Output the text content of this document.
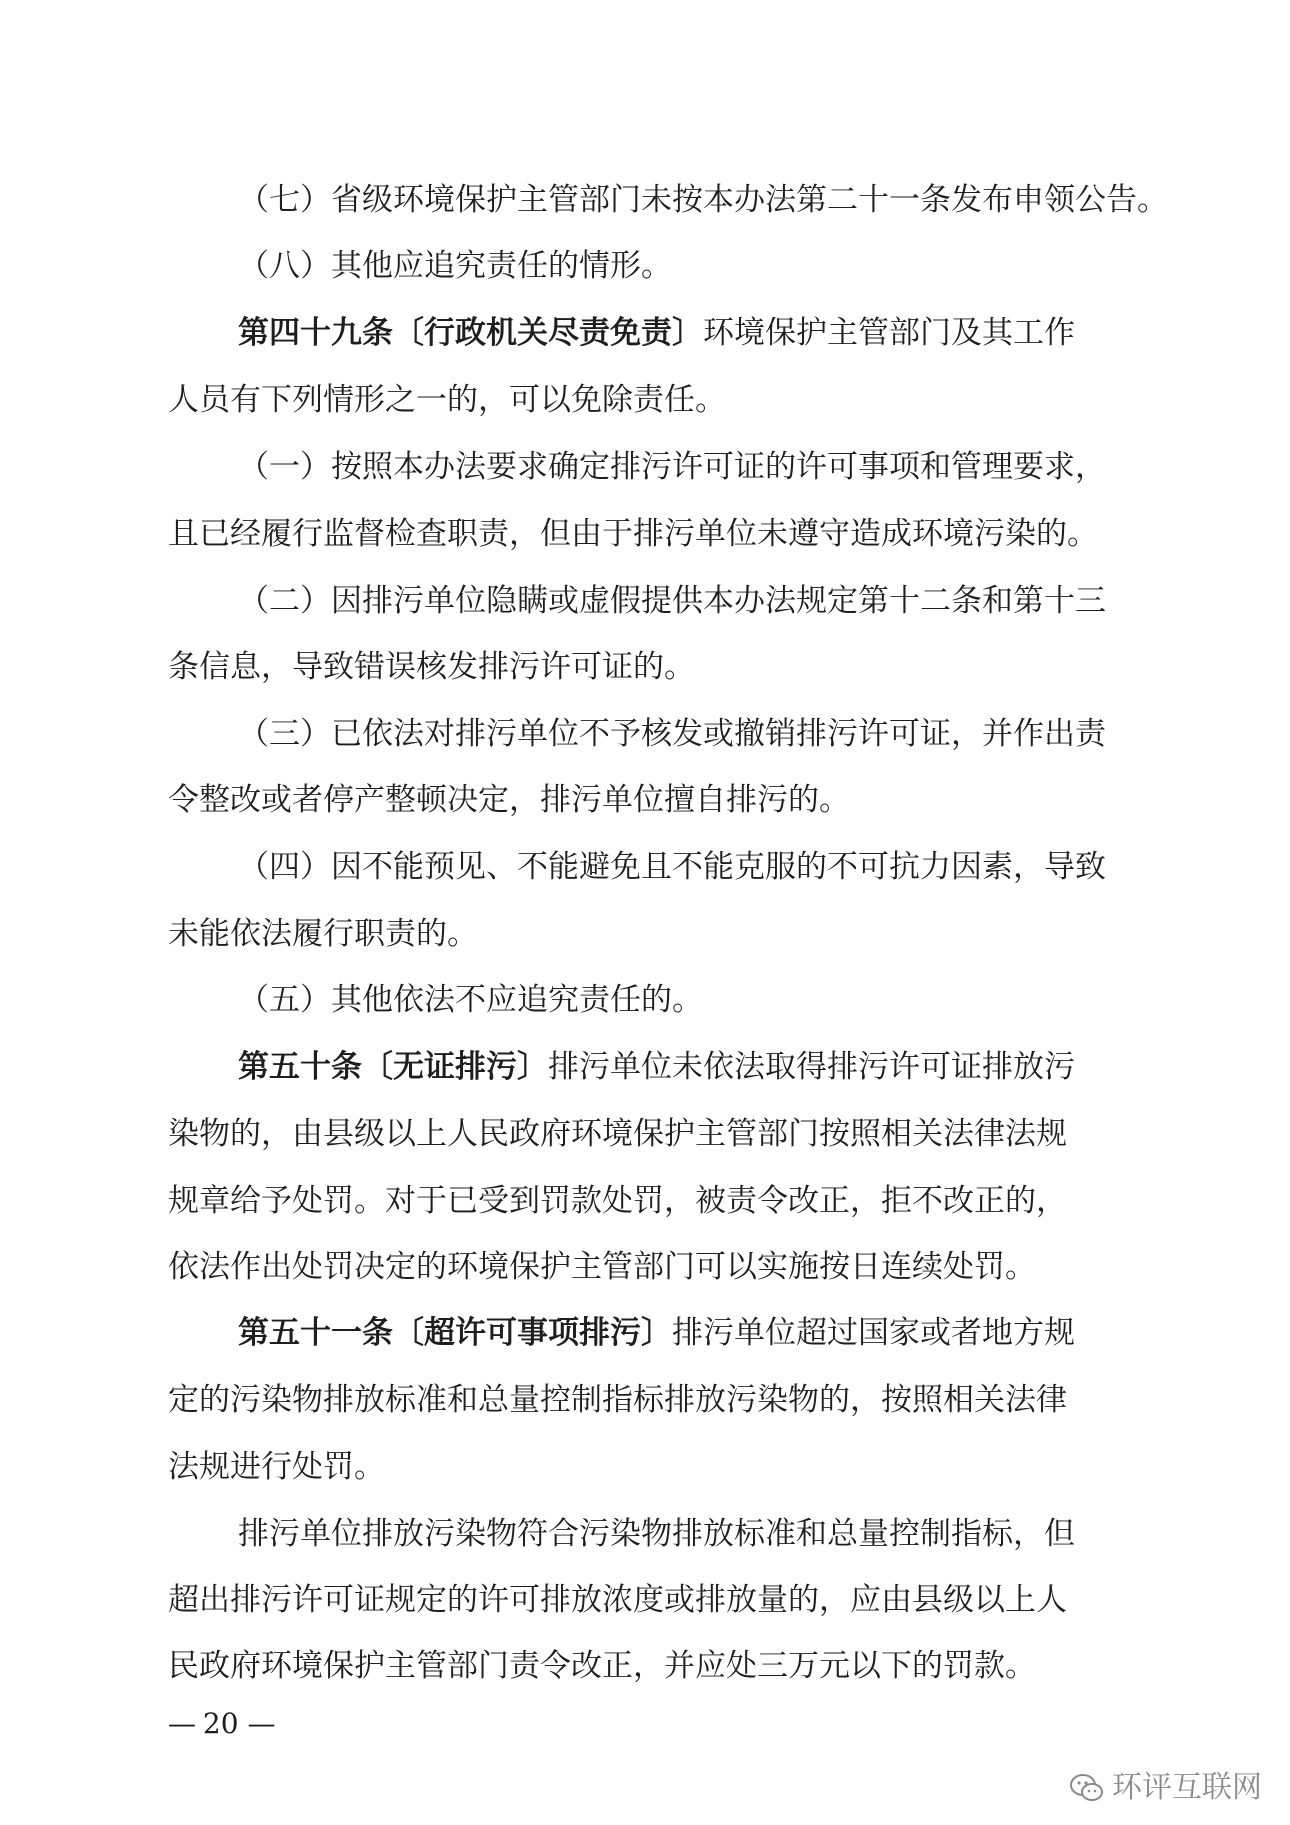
（七）省级环境保护主管部门未按本办法第二十一条发布申领公告。
（八）其他应追究责任的情形。
第四十九条〔行政机关尽责免责〕环境保护主管部门及其工作
人员有下列情形之一的，可以免除责任。
（一）按照本办法要求确定排污许可证的许可事项和管理要求，
且已经履行监督检查职责，但由于排污单位未遵守造成环境污染的。
（二）因排污单位隐瞒或虚假提供本办法规定第十二条和第十三
条信息，导致错误核发排污许可证的。
（三）已依法对排污单位不予核发或撤销排污许可证，并作出责
令整改或者停产整顿决定，排污单位擅自排污的。
（四）因不能预见、不能避免且不能克服的不可抗力因素，导致
未能依法履行职责的。
（五）其他依法不应追究责任的。
第五十条〔无证排污〕排污单位未依法取得排污许可证排放污
染物的，由县级以上人民政府环境保护主管部门按照相关法律法规
规章给予处罚。对于已受到罚款处罚，被责令改正，拒不改正的，
依法作出处罚决定的环境保护主管部门可以实施按日连续处罚。
第五十一条〔超许可事项排污〕排污单位超过国家或者地方规
定的污染物排放标准和总量控制指标排放污染物的，按照相关法律
法规进行处罚。
排污单位排放污染物符合污染物排放标准和总量控制指标，但
超出排污许可证规定的许可排放浓度或排放量的，应由县级以上人
民政府环境保护主管部门责令改正，并应处三万元以下的罚款。
— 20 —
环评互联网
